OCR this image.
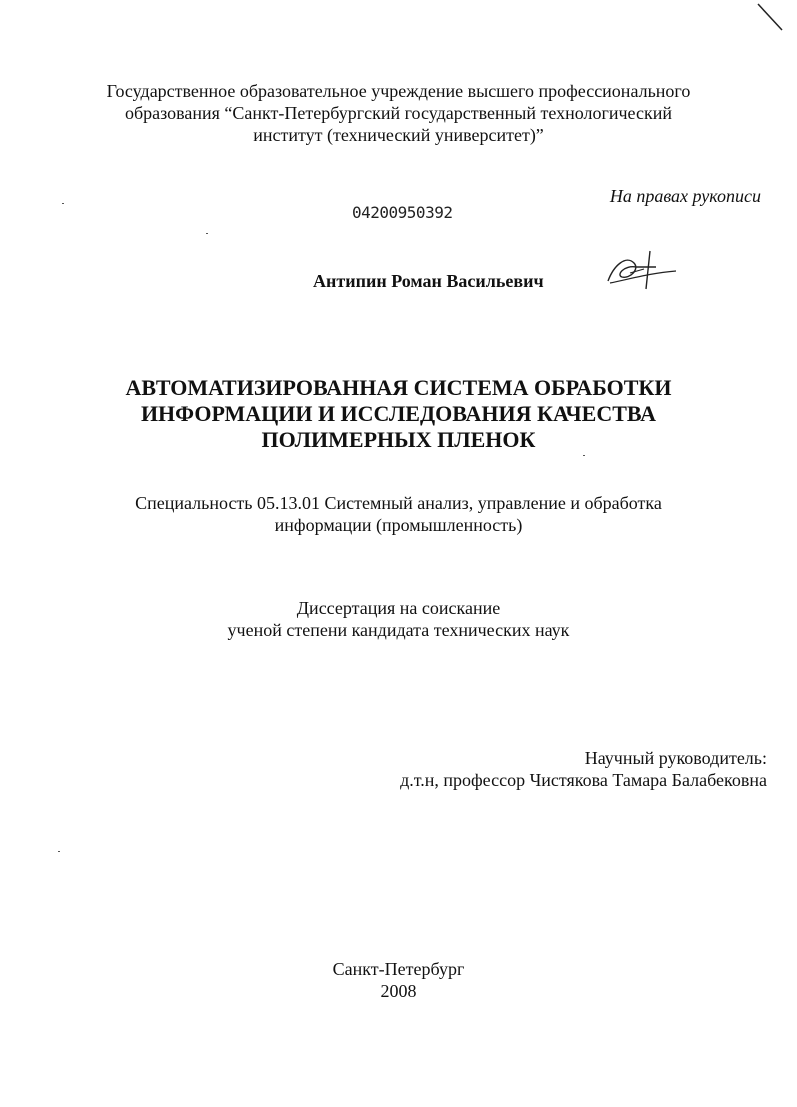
Государственное образовательное учреждение высшего профессионального
образования “Санкт-Петербургский государственный технологический
институт (технический университет)”
На правах рукописи
04200950392
Антипин Роман Васильевич
АВТОМАТИЗИРОВАННАЯ СИСТЕМА ОБРАБОТКИ
ИНФОРМАЦИИ И ИССЛЕДОВАНИЯ КАЧЕСТВА
ПОЛИМЕРНЫХ ПЛЕНОК
Специальность 05.13.01 Системный анализ, управление и обработка
информации (промышленность)
Диссертация на соискание
ученой степени кандидата технических наук
Научный руководитель:
д.т.н, профессор Чистякова Тамара Балабековна
Санкт-Петербург
2008
